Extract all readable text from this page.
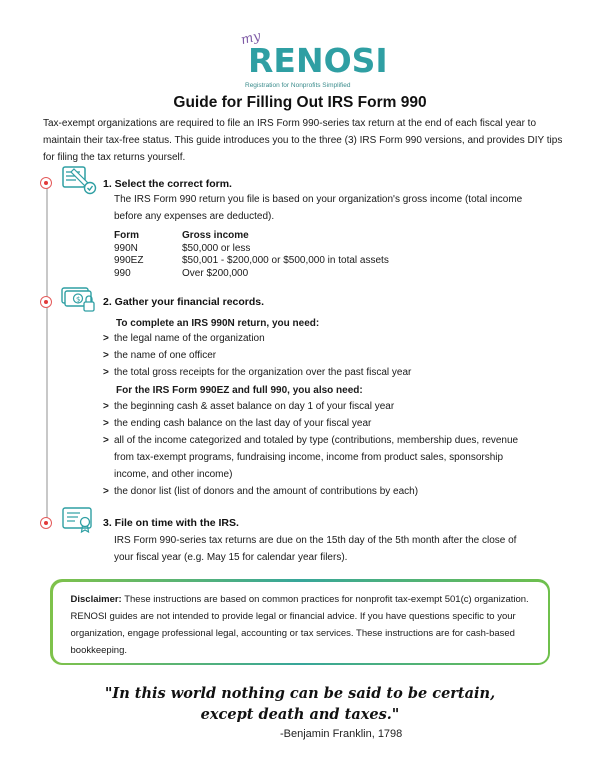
my
RENOSI
Registration for Nonprofits Simplified
Guide for Filling Out IRS Form 990

Tax-exempt organizations are required to file an IRS Form 990-series tax return at the end of each fiscal year to maintain their tax-free status. This guide introduces you to the three (3) IRS Form 990 versions, and provides DIY tips for filing the tax returns yourself.

1. Select the correct form.
The IRS Form 990 return you file is based on your organization's gross income (total income before any expenses are deducted).
Form	Gross income
990N	$50,000 or less
990EZ	$50,001 - $200,000 or $500,000 in total assets
990	Over $200,000
$ 2. Gather your financial records.
To complete an IRS 990N return, you need:
> the legal name of the organization
> the name of one officer
> the total gross receipts for the organization over the past fiscal year
For the IRS Form 990EZ and full 990, you also need:
> the beginning cash & asset balance on day 1 of your fiscal year
> the ending cash balance on the last day of your fiscal year
> all of the income categorized and totaled by type (contributions, membership dues, revenue from tax-exempt programs, fundraising income, income from product sales, sponsorship income, and other income)
> the donor list (list of donors and the amount of contributions by each)
3. File on time with the IRS.
IRS Form 990-series tax returns are due on the 15th day of the 5th month after the close of your fiscal year (e.g. May 15 for calendar year filers).
Disclaimer: These instructions are based on common practices for nonprofit tax-exempt 501(c) organization. RENOSI guides are not intended to provide legal or financial advice. If you have questions specific to your organization, engage professional legal, accounting or tax services. These instructions are for cash-based bookkeeping.
"In this world nothing can be said to be certain,
except death and taxes."
-Benjamin Franklin, 1798
